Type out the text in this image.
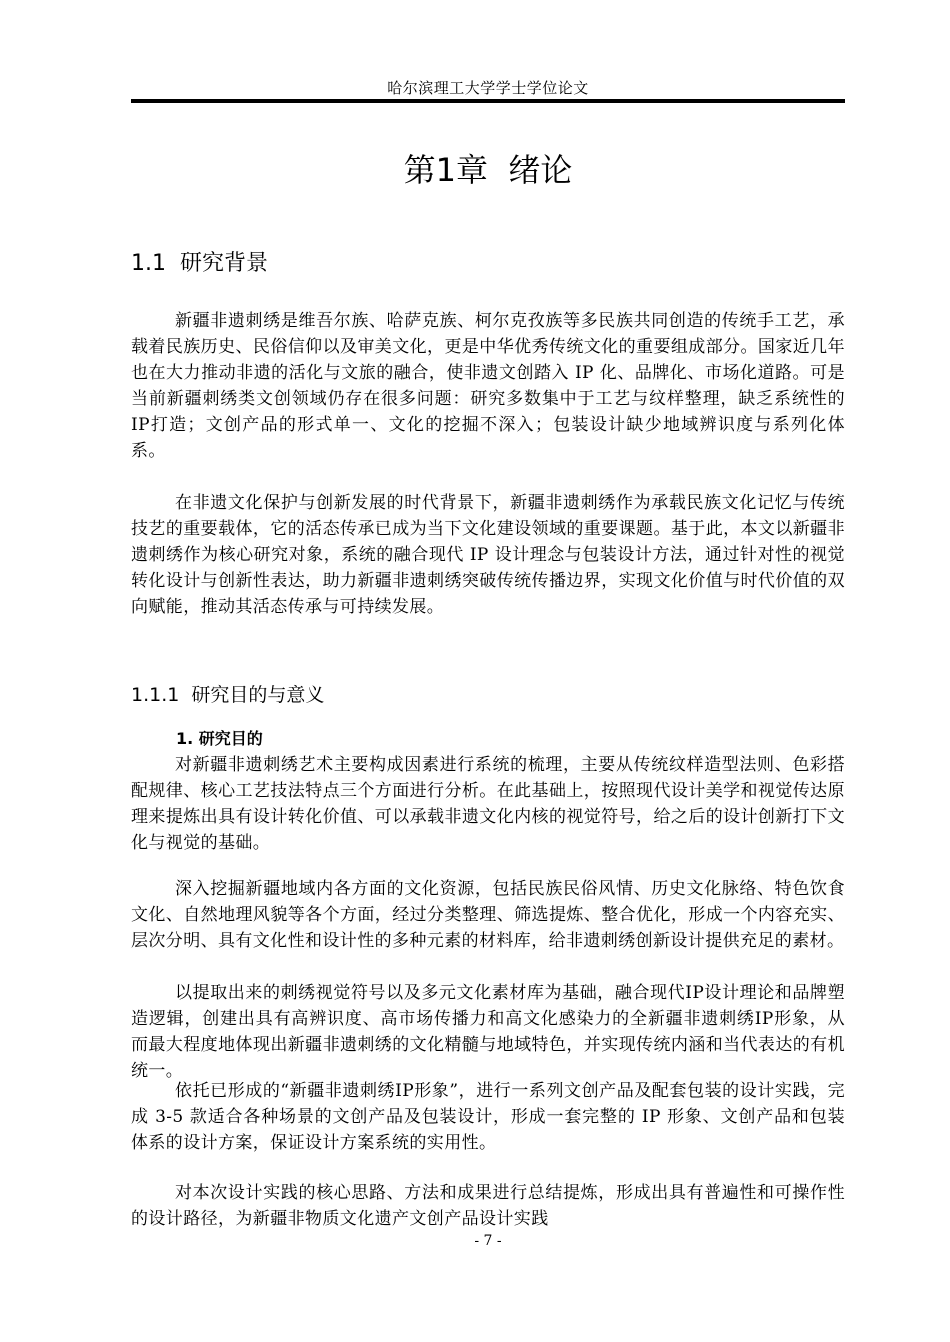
哈尔滨理工大学学士学位论文
第1章  绪论
1.1  研究背景

新疆非遗刺绣是维吾尔族、哈萨克族、柯尔克孜族等多民族共同创造的传统手工艺，承载着民族历史、民俗信仰以及审美文化，更是中华优秀传统文化的重要组成部分。国家近几年也在大力推动非遗的活化与文旅的融合，使非遗文创踏入 IP 化、品牌化、市场化道路。可是当前新疆刺绣类文创领域仍存在很多问题：研究多数集中于工艺与纹样整理，缺乏系统性的IP打造；文创产品的形式单一、文化的挖掘不深入；包装设计缺少地域辨识度与系列化体系。

在非遗文化保护与创新发展的时代背景下，新疆非遗刺绣作为承载民族文化记忆与传统技艺的重要载体，它的活态传承已成为当下文化建设领域的重要课题。基于此，本文以新疆非遗刺绣作为核心研究对象，系统的融合现代 IP 设计理念与包装设计方法，通过针对性的视觉转化设计与创新性表达，助力新疆非遗刺绣突破传统传播边界，实现文化价值与时代价值的双向赋能，推动其活态传承与可持续发展。

1.1.1  研究目的与意义
1. 研究目的

对新疆非遗刺绣艺术主要构成因素进行系统的梳理，主要从传统纹样造型法则、色彩搭配规律、核心工艺技法特点三个方面进行分析。在此基础上，按照现代设计美学和视觉传达原理来提炼出具有设计转化价值、可以承载非遗文化内核的视觉符号，给之后的设计创新打下文化与视觉的基础。

深入挖掘新疆地域内各方面的文化资源，包括民族民俗风情、历史文化脉络、特色饮食文化、自然地理风貌等各个方面，经过分类整理、筛选提炼、整合优化，形成一个内容充实、层次分明、具有文化性和设计性的多种元素的材料库，给非遗刺绣创新设计提供充足的素材。

以提取出来的刺绣视觉符号以及多元文化素材库为基础，融合现代IP设计理论和品牌塑造逻辑，创建出具有高辨识度、高市场传播力和高文化感染力的全新疆非遗刺绣IP形象，从而最大程度地体现出新疆非遗刺绣的文化精髓与地域特色，并实现传统内涵和当代表达的有机统一。

依托已形成的“新疆非遗刺绣IP形象”，进行一系列文创产品及配套包装的设计实践，完成 3-5 款适合各种场景的文创产品及包装设计，形成一套完整的 IP 形象、文创产品和包装体系的设计方案，保证设计方案系统的实用性。

对本次设计实践的核心思路、方法和成果进行总结提炼，形成出具有普遍性和可操作性的设计路径，为新疆非物质文化遗产文创产品设计实践

- 7 -
